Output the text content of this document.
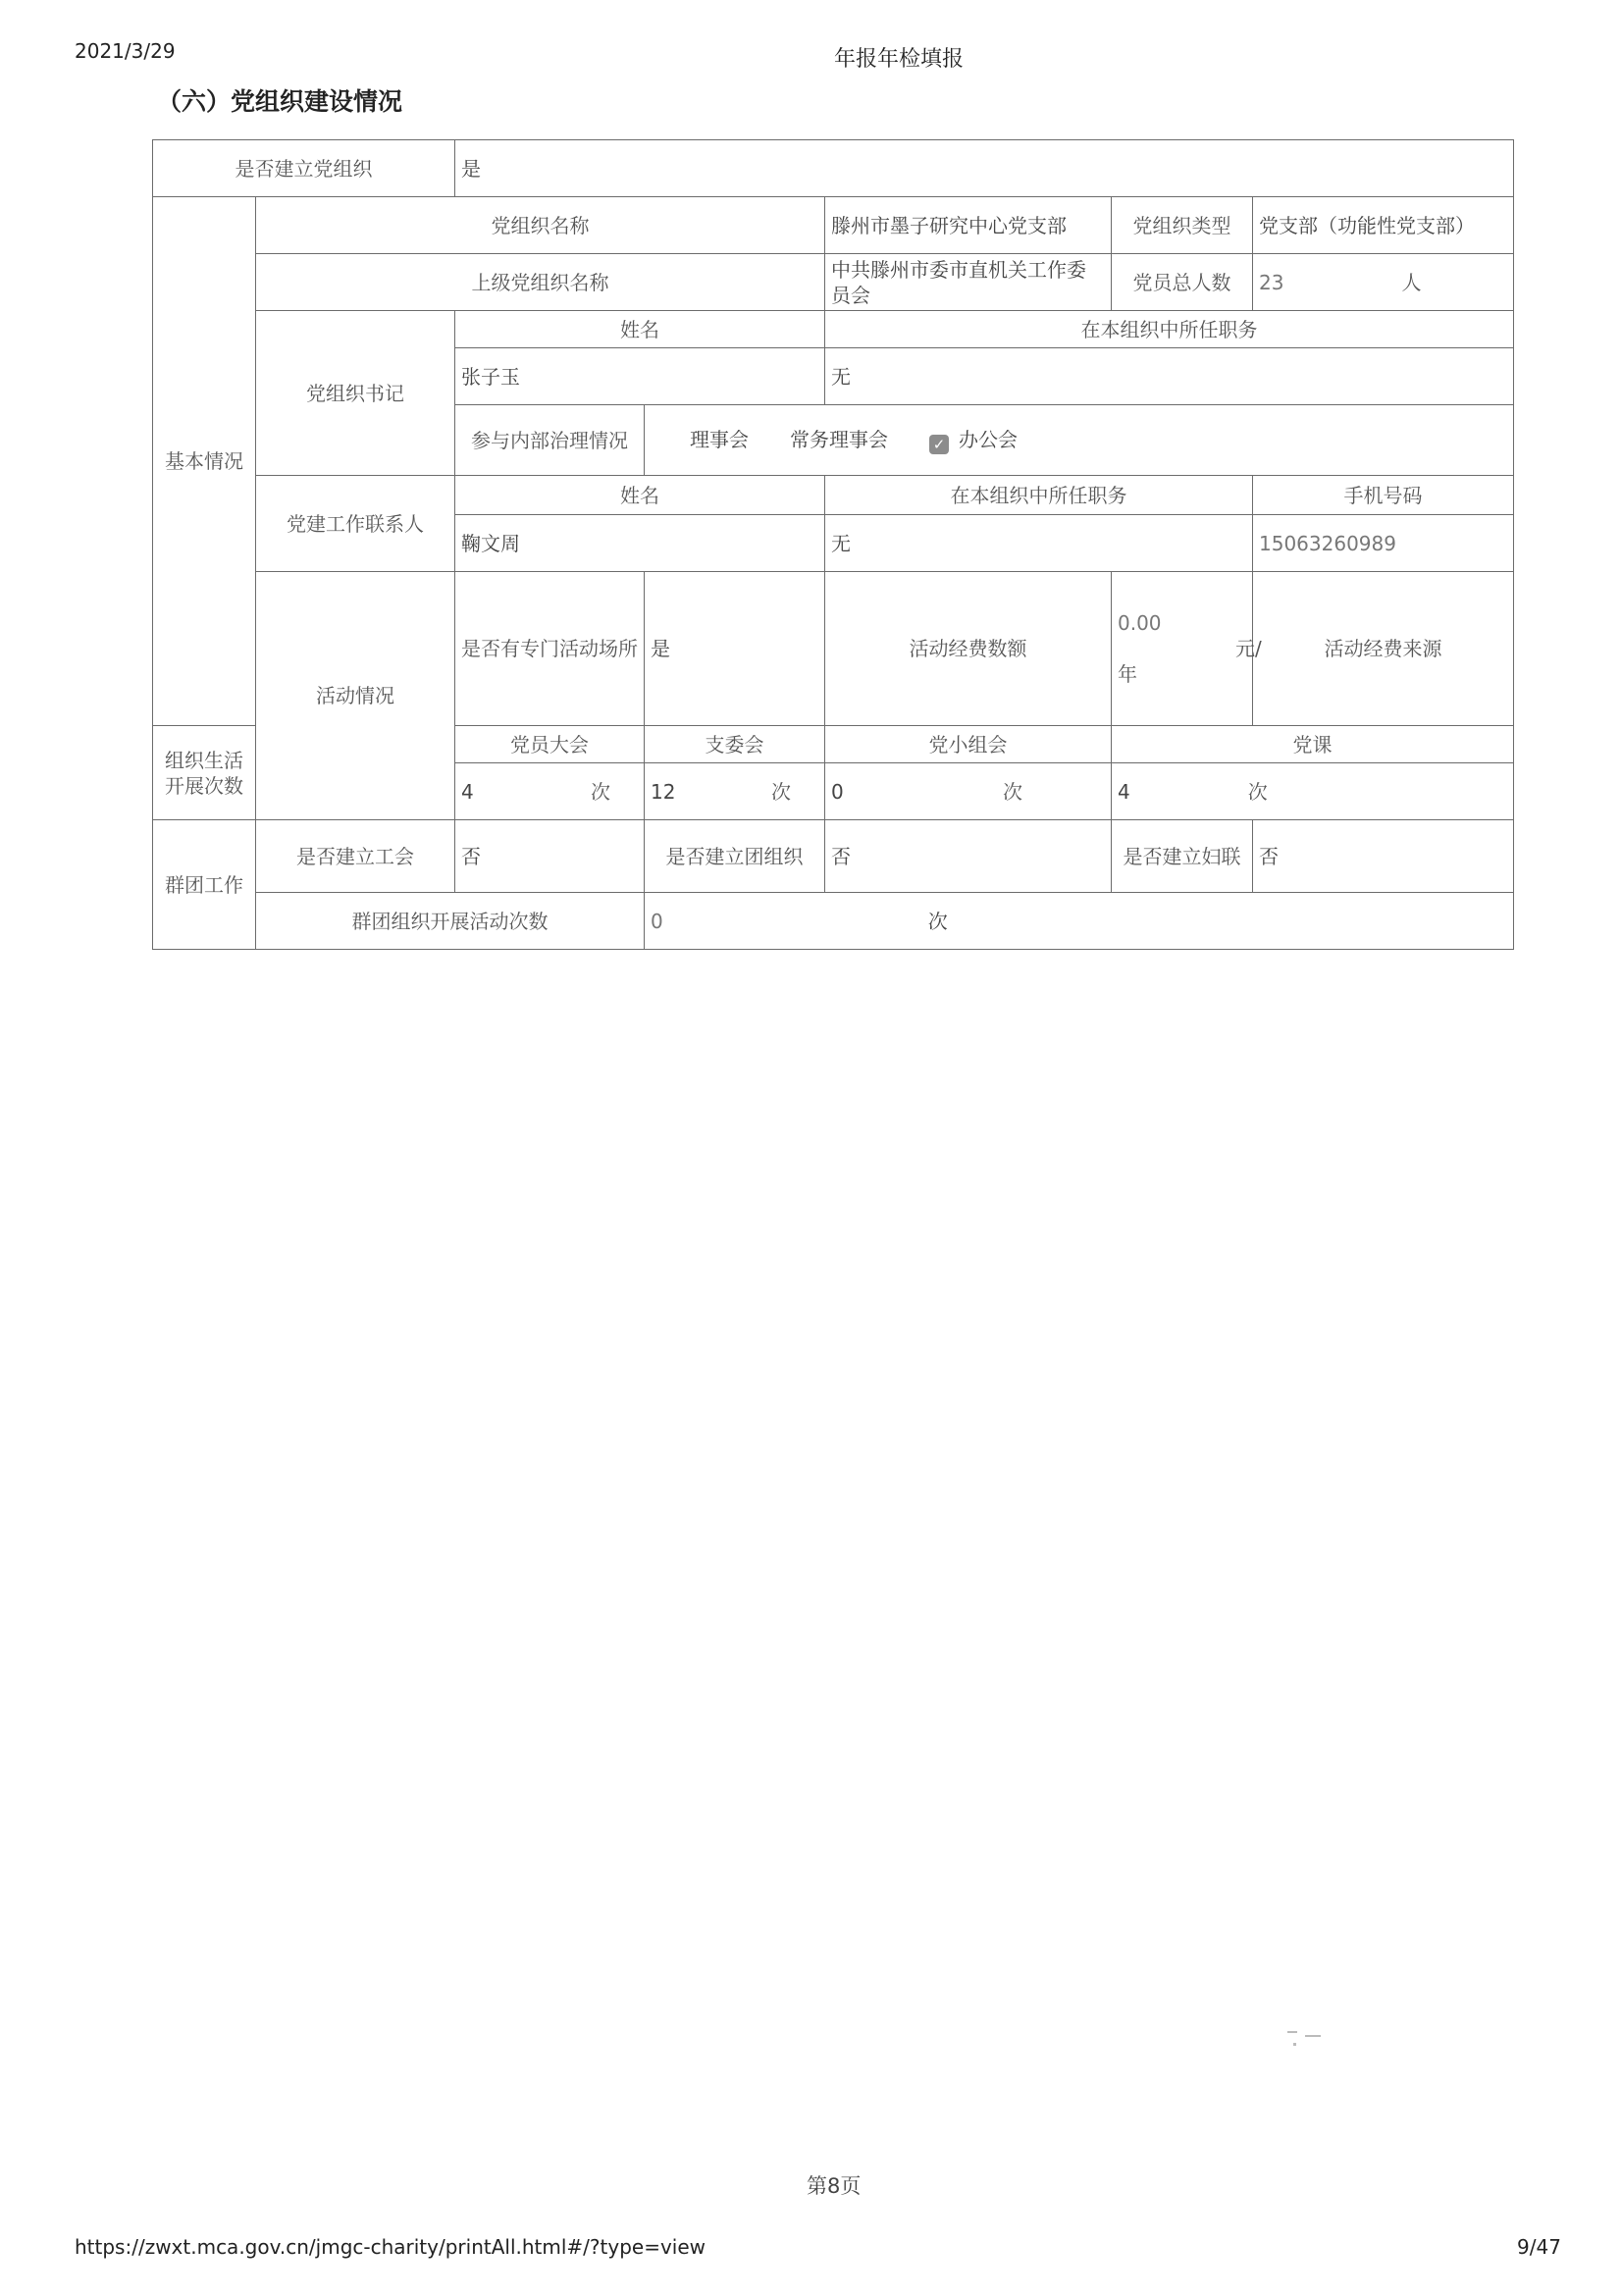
2021/3/29	年报年检填报
（六）党组织建设情况
是否建立党组织		是					
基本情况	党组织名称			滕州市墨子研究中心党支部	党组织类型	党支部（功能性党支部）	
	上级党组织名称			中共滕州市委市直机关工作委员会	党员总人数	23 人	
	党组织书记	姓名		在本组织中所任职务			
		张子玉		无			
		参与内部治理情况	理事会 常务理事会 ✓ 办公会				
	党建工作联系人	姓名		在本组织中所任职务		手机号码	
		鞠文周		无		15063260989	
	活动情况	是否有专门活动场所	是	活动经费数额	0.00元/年	活动经费来源	
组织生活开展次数		党员大会	支委会	党小组会	党课		
		4 次	12 次	0 次	4 次		
群团工作	是否建立工会	否	是否建立团组织	否	是否建立妇联	否	
	群团组织开展活动次数		0 次				
第8页
https://zwxt.mca.gov.cn/jmgc-charity/printAll.html#/?type=view	9/47
